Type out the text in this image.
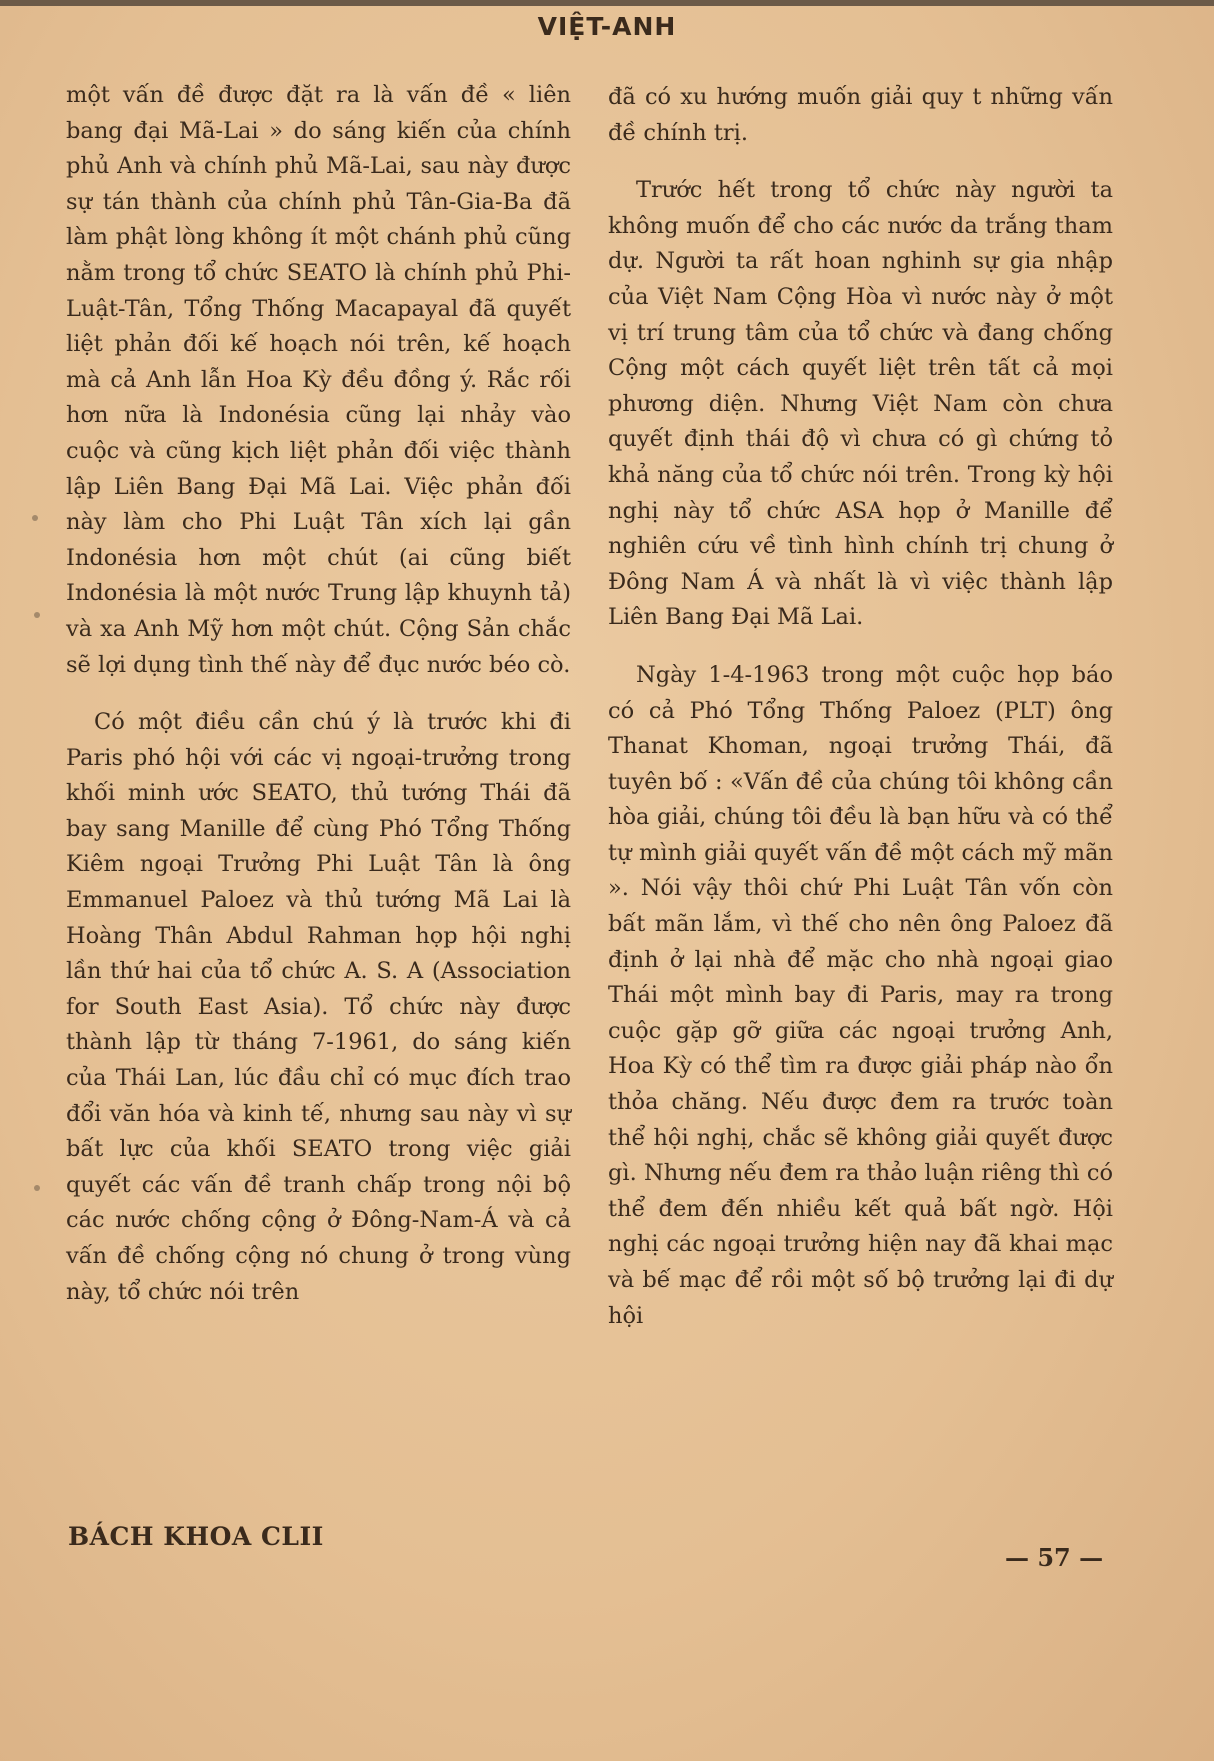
VIỆT-ANH

một vấn đề được đặt ra là vấn đề « liên bang đại Mã-Lai » do sáng kiến của chính phủ Anh và chính phủ Mã-Lai, sau này được sự tán thành của chính phủ Tân-Gia-Ba đã làm phật lòng không ít một chánh phủ cũng nằm trong tổ chức SEATO là chính phủ Phi-Luật-Tân, Tổng Thống Macapayal đã quyết liệt phản đối kế hoạch nói trên, kế hoạch mà cả Anh lẫn Hoa Kỳ đều đồng ý. Rắc rối hơn nữa là Indonésia cũng lại nhảy vào cuộc và cũng kịch liệt phản đối việc thành lập Liên Bang Đại Mã Lai. Việc phản đối này làm cho Phi Luật Tân xích lại gần Indonésia hơn một chút (ai cũng biết Indonésia là một nước Trung lập khuynh tả) và xa Anh Mỹ hơn một chút. Cộng Sản chắc sẽ lợi dụng tình thế này để đục nước béo cò.

Có một điều cần chú ý là trước khi đi Paris phó hội với các vị ngoại-trưởng trong khối minh ước SEATO, thủ tướng Thái đã bay sang Manille để cùng Phó Tổng Thống Kiêm ngoại Trưởng Phi Luật Tân là ông Emmanuel Paloez và thủ tướng Mã Lai là Hoàng Thân Abdul Rahman họp hội nghị lần thứ hai của tổ chức A. S. A (Association for South East Asia). Tổ chức này được thành lập từ tháng 7-1961, do sáng kiến của Thái Lan, lúc đầu chỉ có mục đích trao đổi văn hóa và kinh tế, nhưng sau này vì sự bất lực của khối SEATO trong việc giải quyết các vấn đề tranh chấp trong nội bộ các nước chống cộng ở Đông-Nam-Á và cả vấn đề chống cộng nó chung ở trong vùng này, tổ chức nói trên

đã có xu hướng muốn giải quy t những vấn đề chính trị.

Trước hết trong tổ chức này người ta không muốn để cho các nước da trắng tham dự. Người ta rất hoan nghinh sự gia nhập của Việt Nam Cộng Hòa vì nước này ở một vị trí trung tâm của tổ chức và đang chống Cộng một cách quyết liệt trên tất cả mọi phương diện. Nhưng Việt Nam còn chưa quyết định thái độ vì chưa có gì chứng tỏ khả năng của tổ chức nói trên. Trong kỳ hội nghị này tổ chức ASA họp ở Manille để nghiên cứu về tình hình chính trị chung ở Đông Nam Á và nhất là vì việc thành lập Liên Bang Đại Mã Lai.

Ngày 1-4-1963 trong một cuộc họp báo có cả Phó Tổng Thống Paloez (PLT) ông Thanat Khoman, ngoại trưởng Thái, đã tuyên bố : «Vấn đề của chúng tôi không cần hòa giải, chúng tôi đều là bạn hữu và có thể tự mình giải quyết vấn đề một cách mỹ mãn ». Nói vậy thôi chứ Phi Luật Tân vốn còn bất mãn lắm, vì thế cho nên ông Paloez đã định ở lại nhà để mặc cho nhà ngoại giao Thái một mình bay đi Paris, may ra trong cuộc gặp gỡ giữa các ngoại trưởng Anh, Hoa Kỳ có thể tìm ra được giải pháp nào ổn thỏa chăng. Nếu được đem ra trước toàn thể hội nghị, chắc sẽ không giải quyết được gì. Nhưng nếu đem ra thảo luận riêng thì có thể đem đến nhiều kết quả bất ngờ. Hội nghị các ngoại trưởng hiện nay đã khai mạc và bế mạc để rồi một số bộ trưởng lại đi dự hội

BÁCH KHOA CLII
— 57 —
